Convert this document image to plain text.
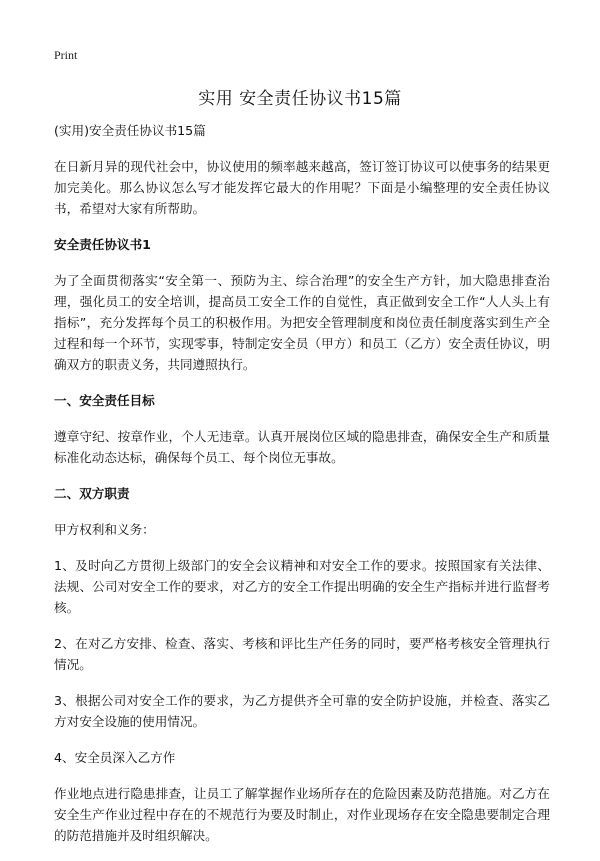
Print
实用 安全责任协议书15篇

(实用)安全责任协议书15篇

在日新月异的现代社会中，协议使用的频率越来越高，签订签订协议可以使事务的结果更加完美化。那么协议怎么写才能发挥它最大的作用呢？下面是小编整理的安全责任协议书，希望对大家有所帮助。

安全责任协议书1

为了全面贯彻落实“安全第一、预防为主、综合治理”的安全生产方针，加大隐患排查治理，强化员工的安全培训，提高员工安全工作的自觉性，真正做到安全工作“人人头上有指标”，充分发挥每个员工的积极作用。为把安全管理制度和岗位责任制度落实到生产全过程和每一个环节，实现零事，特制定安全员（甲方）和员工（乙方）安全责任协议，明确双方的职责义务，共同遵照执行。

一、安全责任目标

遵章守纪、按章作业，个人无违章。认真开展岗位区域的隐患排查，确保安全生产和质量标准化动态达标，确保每个员工、每个岗位无事故。

二、双方职责

甲方权利和义务：

1、及时向乙方贯彻上级部门的安全会议精神和对安全工作的要求。按照国家有关法律、法规、公司对安全工作的要求，对乙方的安全工作提出明确的安全生产指标并进行监督考核。

2、在对乙方安排、检查、落实、考核和评比生产任务的同时，要严格考核安全管理执行情况。

3、根据公司对安全工作的要求，为乙方提供齐全可靠的安全防护设施，并检查、落实乙方对安全设施的使用情况。

4、安全员深入乙方作

作业地点进行隐患排查，让员工了解掌握作业场所存在的危险因素及防范措施。对乙方在安全生产作业过程中存在的不规范行为要及时制止，对作业现场存在安全隐患要制定合理的防范措施并及时组织解决。
